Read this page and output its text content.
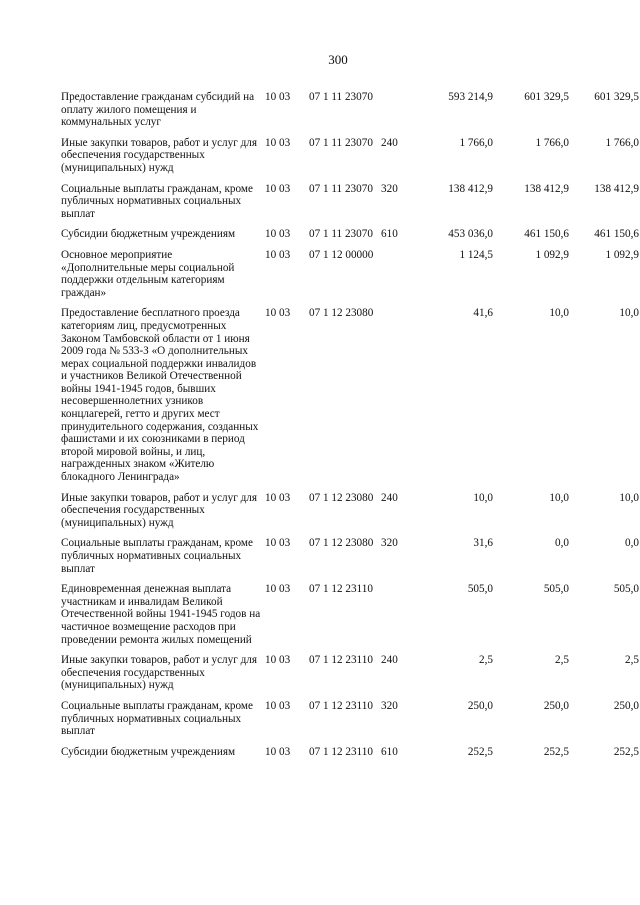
300
Предоставление гражданам субсидий на оплату жилого помещения и коммунальных услуг	10 03	07 1 11 23070		593 214,9	601 329,5	601 329,5
Иные закупки товаров, работ и услуг для обеспечения государственных (муниципальных) нужд	10 03	07 1 11 23070	240	1 766,0	1 766,0	1 766,0
Социальные выплаты гражданам, кроме публичных нормативных социальных выплат	10 03	07 1 11 23070	320	138 412,9	138 412,9	138 412,9
Субсидии бюджетным учреждениям	10 03	07 1 11 23070	610	453 036,0	461 150,6	461 150,6
Основное мероприятие «Дополнительные меры социальной поддержки отдельным категориям граждан»	10 03	07 1 12 00000		1 124,5	1 092,9	1 092,9
Предоставление бесплатного проезда категориям лиц, предусмотренных Законом Тамбовской области от 1 июня 2009 года № 533-З «О дополнительных мерах социальной поддержки инвалидов и участников Великой Отечественной войны 1941-1945 годов, бывших несовершеннолетних узников концлагерей, гетто и других мест принудительного содержания, созданных фашистами и их союзниками в период второй мировой войны, и лиц, награжденных знаком «Жителю блокадного Ленинграда»	10 03	07 1 12 23080		41,6	10,0	10,0
Иные закупки товаров, работ и услуг для обеспечения государственных (муниципальных) нужд	10 03	07 1 12 23080	240	10,0	10,0	10,0
Социальные выплаты гражданам, кроме публичных нормативных социальных выплат	10 03	07 1 12 23080	320	31,6	0,0	0,0
Единовременная денежная выплата участникам и инвалидам Великой Отечественной войны 1941-1945 годов на частичное возмещение расходов при проведении ремонта жилых помещений	10 03	07 1 12 23110		505,0	505,0	505,0
Иные закупки товаров, работ и услуг для обеспечения государственных (муниципальных) нужд	10 03	07 1 12 23110	240	2,5	2,5	2,5
Социальные выплаты гражданам, кроме публичных нормативных социальных выплат	10 03	07 1 12 23110	320	250,0	250,0	250,0
Субсидии бюджетным учреждениям	10 03	07 1 12 23110	610	252,5	252,5	252,5
